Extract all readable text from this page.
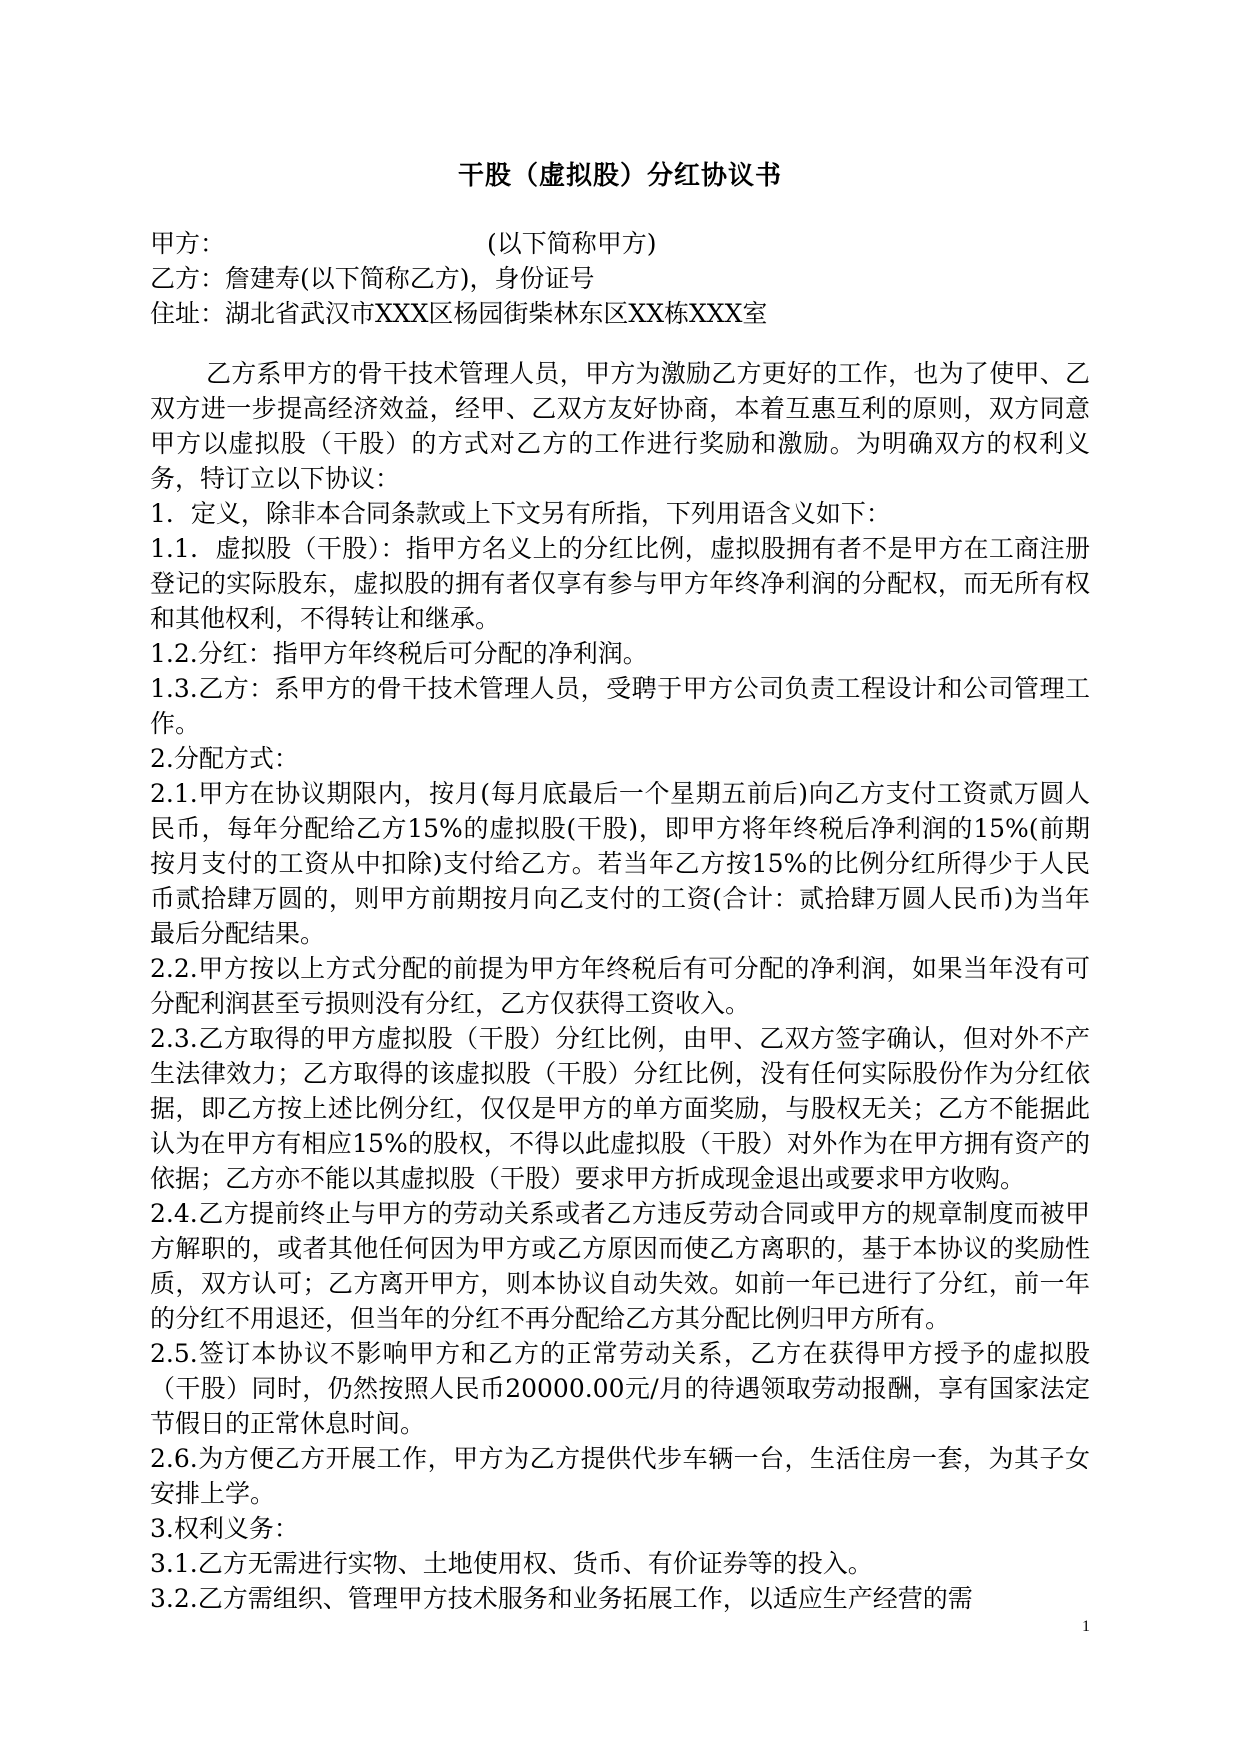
干股（虚拟股）分红协议书
甲方：	(以下简称甲方)
乙方：詹建寿(以下简称乙方)，身份证号
住址：湖北省武汉市XXX区杨园街柴林东区XX栋XXX室

乙方系甲方的骨干技术管理人员，甲方为激励乙方更好的工作，也为了使甲、乙双方进一步提高经济效益，经甲、乙双方友好协商，本着互惠互利的原则，双方同意甲方以虚拟股（干股）的方式对乙方的工作进行奖励和激励。为明确双方的权利义务，特订立以下协议：

1．定义，除非本合同条款或上下文另有所指，下列用语含义如下：

1.1．虚拟股（干股）：指甲方名义上的分红比例，虚拟股拥有者不是甲方在工商注册登记的实际股东，虚拟股的拥有者仅享有参与甲方年终净利润的分配权，而无所有权和其他权利，不得转让和继承。

1.2.分红：指甲方年终税后可分配的净利润。

1.3.乙方：系甲方的骨干技术管理人员，受聘于甲方公司负责工程设计和公司管理工作。

2.分配方式：

2.1.甲方在协议期限内，按月(每月底最后一个星期五前后)向乙方支付工资贰万圆人民币，每年分配给乙方15%的虚拟股(干股)，即甲方将年终税后净利润的15%(前期按月支付的工资从中扣除)支付给乙方。若当年乙方按15%的比例分红所得少于人民币贰拾肆万圆的，则甲方前期按月向乙支付的工资(合计：贰拾肆万圆人民币)为当年最后分配结果。

2.2.甲方按以上方式分配的前提为甲方年终税后有可分配的净利润，如果当年没有可分配利润甚至亏损则没有分红，乙方仅获得工资收入。

2.3.乙方取得的甲方虚拟股（干股）分红比例，由甲、乙双方签字确认，但对外不产生法律效力；乙方取得的该虚拟股（干股）分红比例，没有任何实际股份作为分红依据，即乙方按上述比例分红，仅仅是甲方的单方面奖励，与股权无关；乙方不能据此认为在甲方有相应15%的股权，不得以此虚拟股（干股）对外作为在甲方拥有资产的依据；乙方亦不能以其虚拟股（干股）要求甲方折成现金退出或要求甲方收购。

2.4.乙方提前终止与甲方的劳动关系或者乙方违反劳动合同或甲方的规章制度而被甲方解职的，或者其他任何因为甲方或乙方原因而使乙方离职的，基于本协议的奖励性质，双方认可；乙方离开甲方，则本协议自动失效。如前一年已进行了分红，前一年的分红不用退还，但当年的分红不再分配给乙方其分配比例归甲方所有。

2.5.签订本协议不影响甲方和乙方的正常劳动关系，乙方在获得甲方授予的虚拟股（干股）同时，仍然按照人民币20000.00元/月的待遇领取劳动报酬，享有国家法定节假日的正常休息时间。

2.6.为方便乙方开展工作，甲方为乙方提供代步车辆一台，生活住房一套，为其子女安排上学。

3.权利义务：

3.1.乙方无需进行实物、土地使用权、货币、有价证券等的投入。

3.2.乙方需组织、管理甲方技术服务和业务拓展工作，以适应生产经营的需

1
